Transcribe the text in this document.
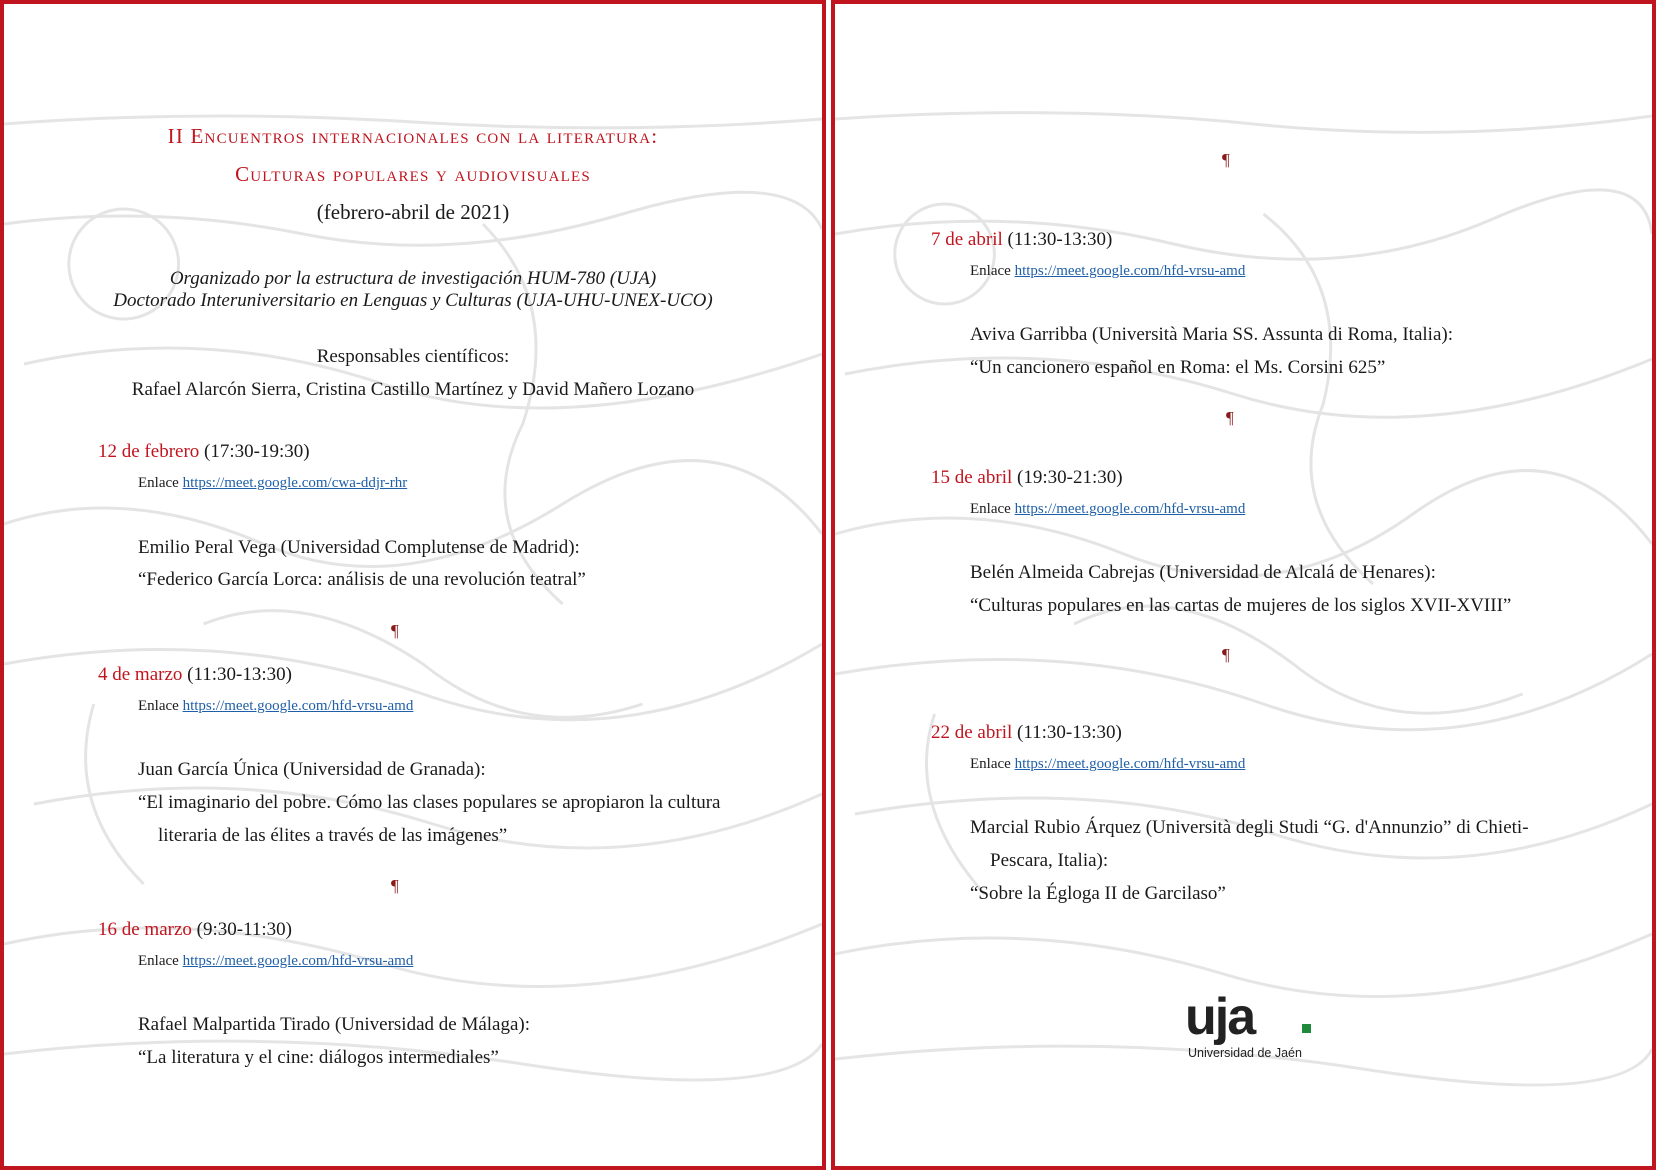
II Encuentros internacionales con la literatura:
Culturas populares y audiovisuales
(febrero-abril de 2021)
Organizado por la estructura de investigación HUM-780 (UJA)
Doctorado Interuniversitario en Lenguas y Culturas (UJA-UHU-UNEX-UCO)
Responsables científicos:
Rafael Alarcón Sierra, Cristina Castillo Martínez y David Mañero Lozano
12 de febrero (17:30-19:30)
Enlace https://meet.google.com/cwa-ddjr-rhr
Emilio Peral Vega (Universidad Complutense de Madrid):
“Federico García Lorca: análisis de una revolución teatral”
¶
4 de marzo (11:30-13:30)
Enlace https://meet.google.com/hfd-vrsu-amd
Juan García Única (Universidad de Granada):
“El imaginario del pobre. Cómo las clases populares se apropiaron la cultura
literaria de las élites a través de las imágenes”
¶
16 de marzo (9:30-11:30)
Enlace https://meet.google.com/hfd-vrsu-amd
Rafael Malpartida Tirado (Universidad de Málaga):
“La literatura y el cine: diálogos intermediales”
¶
7 de abril (11:30-13:30)
Enlace https://meet.google.com/hfd-vrsu-amd
Aviva Garribba (Università Maria SS. Assunta di Roma, Italia):
“Un cancionero español en Roma: el Ms. Corsini 625”
¶
15 de abril (19:30-21:30)
Enlace https://meet.google.com/hfd-vrsu-amd
Belén Almeida Cabrejas (Universidad de Alcalá de Henares):
“Culturas populares en las cartas de mujeres de los siglos XVII-XVIII”
¶
22 de abril (11:30-13:30)
Enlace https://meet.google.com/hfd-vrsu-amd
Marcial Rubio Árquez (Università degli Studi “G. d'Annunzio” di Chieti-
Pescara, Italia):
“Sobre la Égloga II de Garcilaso”
uja
Universidad de Jaén
